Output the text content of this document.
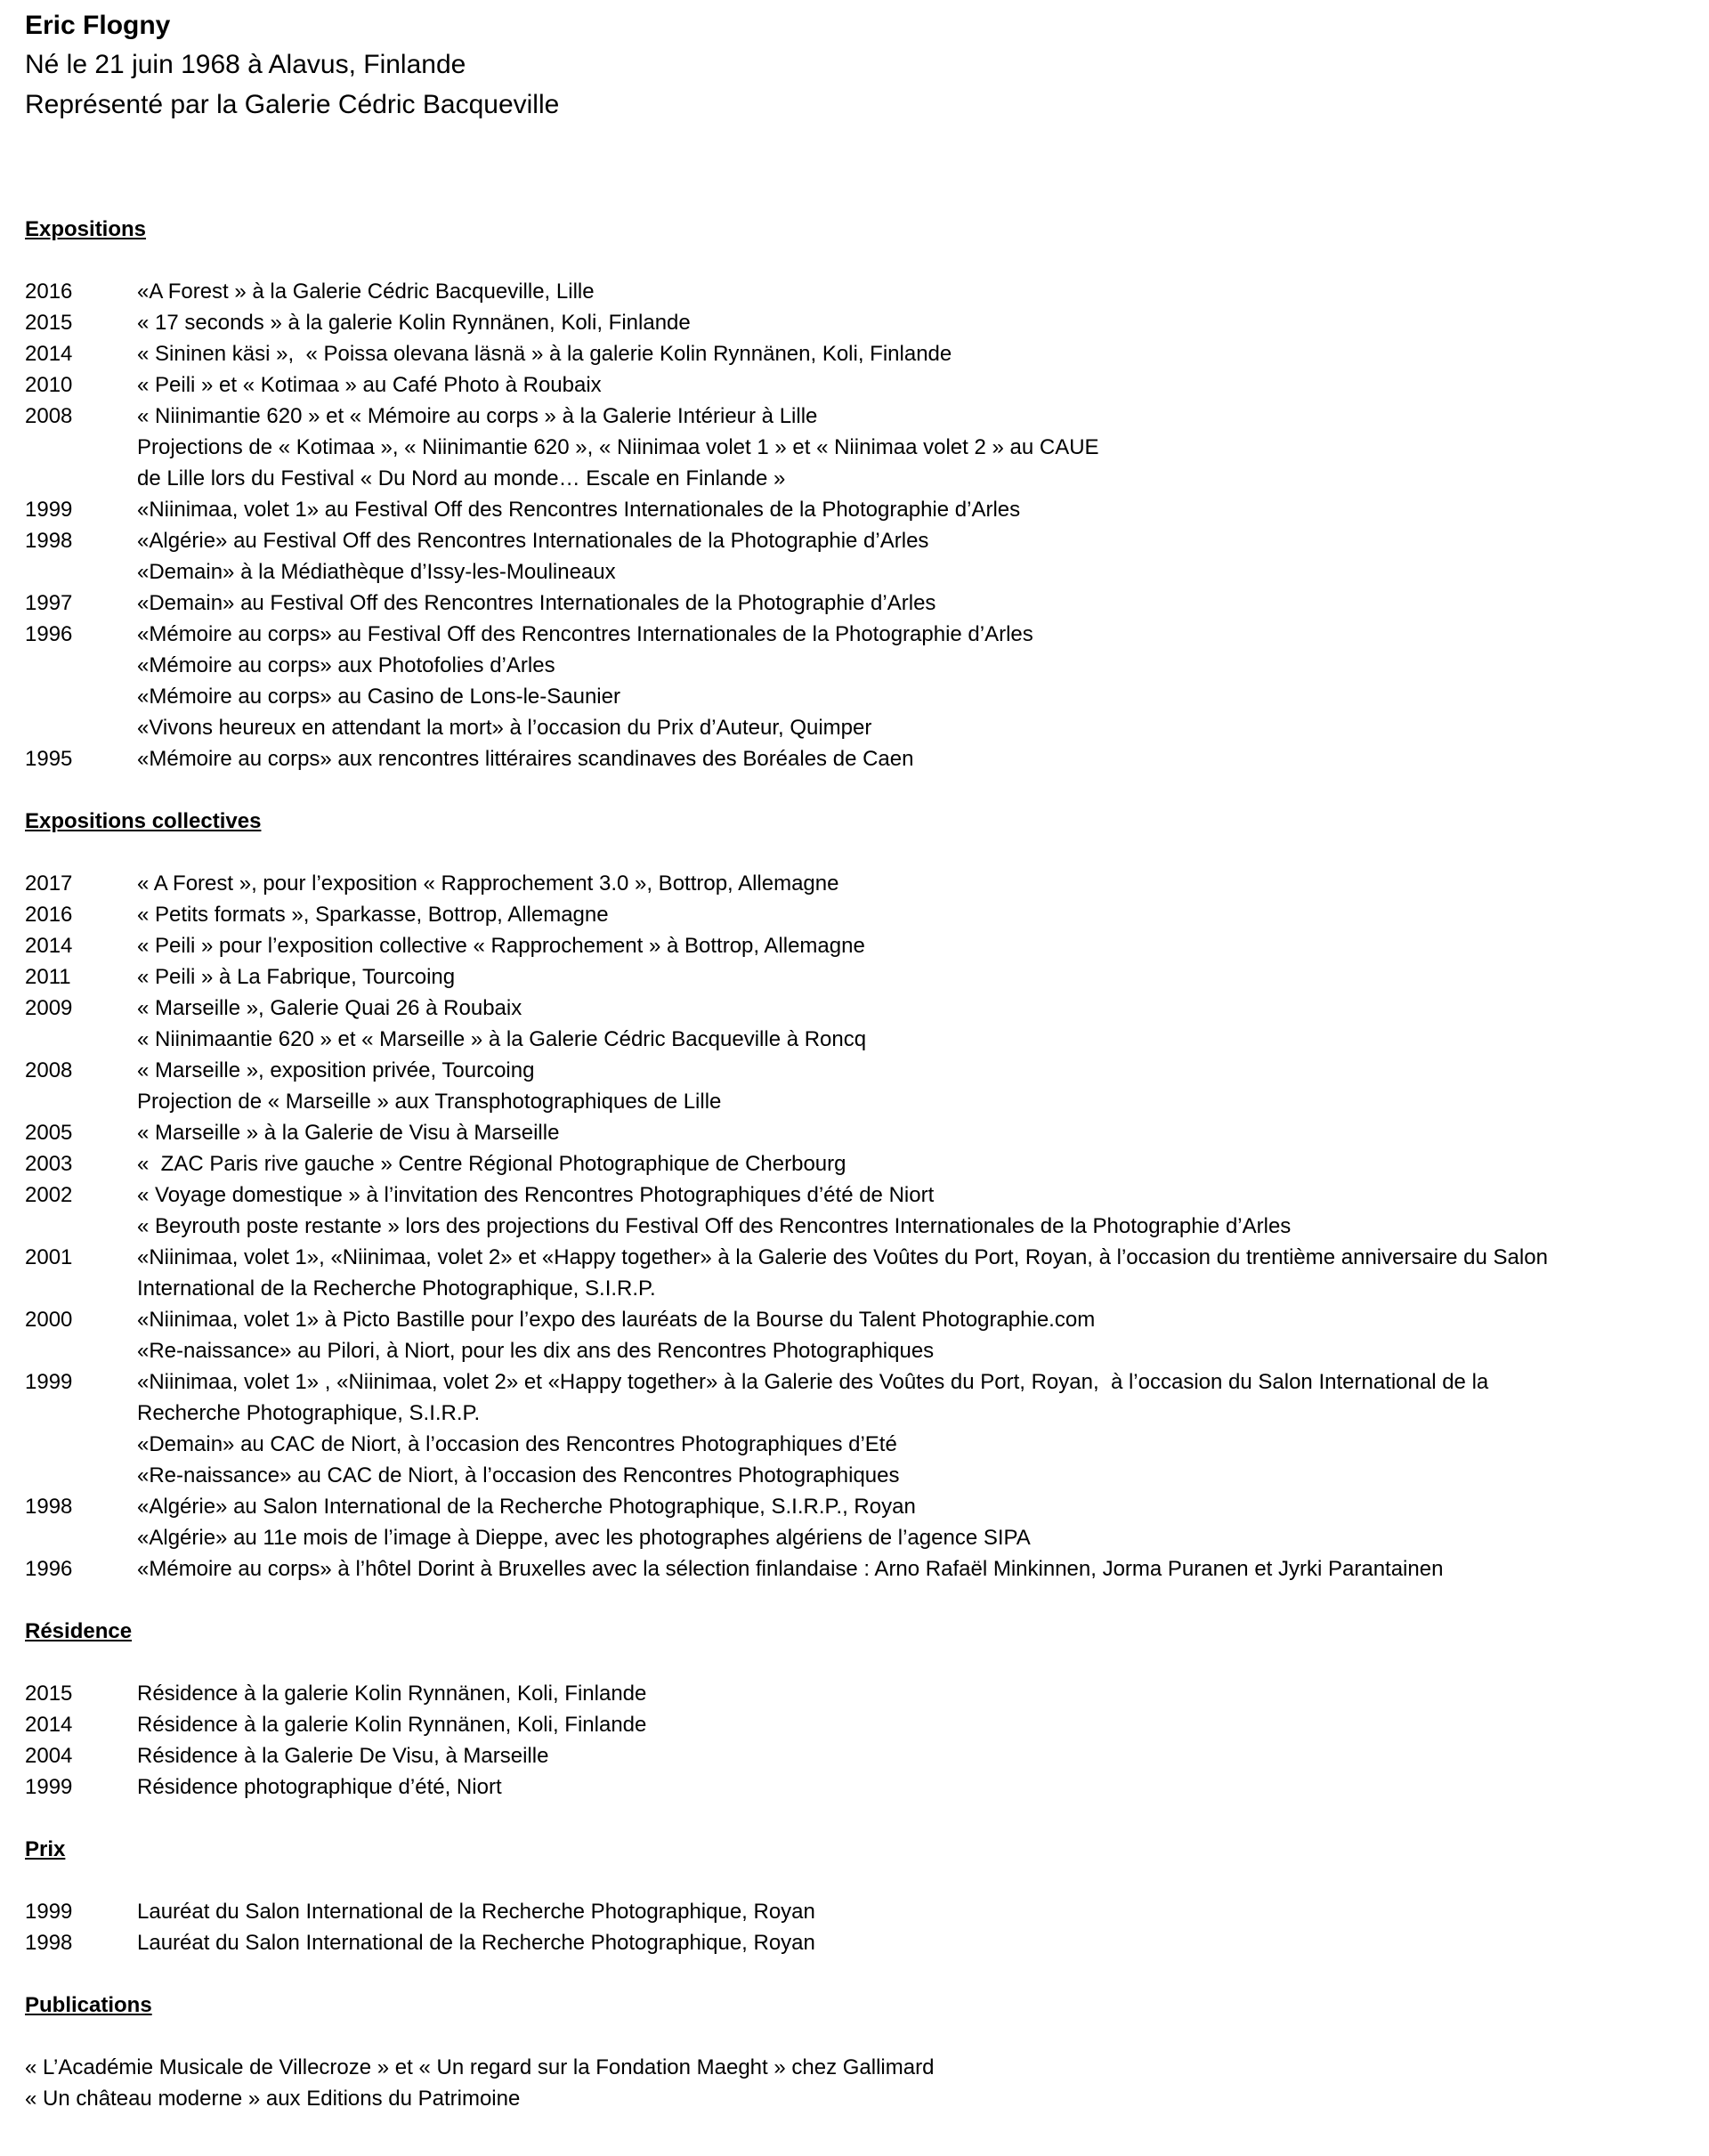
Eric Flogny
Né le 21 juin 1968 à Alavus, Finlande
Représenté par la Galerie Cédric Bacqueville
Expositions
2016	«A Forest » à la Galerie Cédric Bacqueville, Lille
2015	« 17 seconds » à la galerie Kolin Rynnänen, Koli, Finlande
2014	« Sininen käsi »,  « Poissa olevana läsnä » à la galerie Kolin Rynnänen, Koli, Finlande
2010	« Peili » et « Kotimaa » au Café Photo à Roubaix
2008	« Niinimantie 620 » et « Mémoire au corps » à la Galerie Intérieur à Lille
Projections de « Kotimaa », « Niinimantie 620 », « Niinimaa volet 1 » et « Niinimaa volet 2 » au CAUE
de Lille lors du Festival « Du Nord au monde… Escale en Finlande »
1999	«Niinimaa, volet 1» au Festival Off des Rencontres Internationales de la Photographie d’Arles
1998	«Algérie» au Festival Off des Rencontres Internationales de la Photographie d’Arles
«Demain» à la Médiathèque d’Issy-les-Moulineaux
1997	«Demain» au Festival Off des Rencontres Internationales de la Photographie d’Arles
1996	«Mémoire au corps» au Festival Off des Rencontres Internationales de la Photographie d’Arles
«Mémoire au corps» aux Photofolies d’Arles
«Mémoire au corps» au Casino de Lons-le-Saunier
«Vivons heureux en attendant la mort» à l’occasion du Prix d’Auteur, Quimper
1995	«Mémoire au corps» aux rencontres littéraires scandinaves des Boréales de Caen
Expositions collectives
2017	« A Forest », pour l’exposition « Rapprochement 3.0 », Bottrop, Allemagne
2016	« Petits formats », Sparkasse, Bottrop, Allemagne
2014	« Peili » pour l’exposition collective « Rapprochement » à Bottrop, Allemagne
2011	« Peili » à La Fabrique, Tourcoing
2009	« Marseille », Galerie Quai 26 à Roubaix
« Niinimaantie 620 » et « Marseille » à la Galerie Cédric Bacqueville à Roncq
2008	« Marseille », exposition privée, Tourcoing
Projection de « Marseille » aux Transphotographiques de Lille
2005	« Marseille » à la Galerie de Visu à Marseille
2003	«  ZAC Paris rive gauche » Centre Régional Photographique de Cherbourg
2002	« Voyage domestique » à l’invitation des Rencontres Photographiques d’été de Niort
« Beyrouth poste restante » lors des projections du Festival Off des Rencontres Internationales de la Photographie d’Arles
2001	«Niinimaa, volet 1», «Niinimaa, volet 2» et «Happy together» à la Galerie des Voûtes du Port, Royan, à l’occasion du trentième anniversaire du Salon
International de la Recherche Photographique, S.I.R.P.
2000	«Niinimaa, volet 1» à Picto Bastille pour l’expo des lauréats de la Bourse du Talent Photographie.com
«Re-naissance» au Pilori, à Niort, pour les dix ans des Rencontres Photographiques
1999	«Niinimaa, volet 1» , «Niinimaa, volet 2» et «Happy together» à la Galerie des Voûtes du Port, Royan,  à l’occasion du Salon International de la
Recherche Photographique, S.I.R.P.
«Demain» au CAC de Niort, à l’occasion des Rencontres Photographiques d’Eté
«Re-naissance» au CAC de Niort, à l’occasion des Rencontres Photographiques
1998	«Algérie» au Salon International de la Recherche Photographique, S.I.R.P., Royan
«Algérie» au 11e mois de l’image à Dieppe, avec les photographes algériens de l’agence SIPA
1996	«Mémoire au corps» à l’hôtel Dorint à Bruxelles avec la sélection finlandaise : Arno Rafaël Minkinnen, Jorma Puranen et Jyrki Parantainen
Résidence
2015	Résidence à la galerie Kolin Rynnänen, Koli, Finlande
2014	Résidence à la galerie Kolin Rynnänen, Koli, Finlande
2004	Résidence à la Galerie De Visu, à Marseille
1999	Résidence photographique d’été, Niort
Prix
1999	Lauréat du Salon International de la Recherche Photographique, Royan
1998	Lauréat du Salon International de la Recherche Photographique, Royan
Publications
« L’Académie Musicale de Villecroze » et « Un regard sur la Fondation Maeght » chez Gallimard
« Un château moderne » aux Editions du Patrimoine
